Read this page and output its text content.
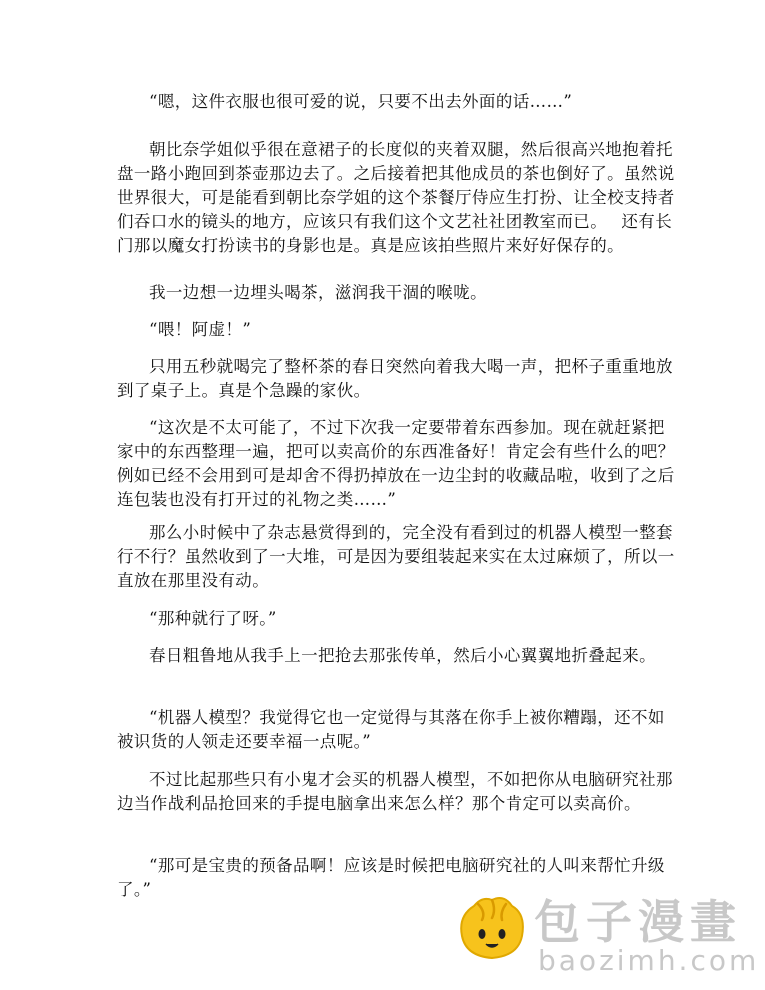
“嗯，这件衣服也很可爱的说，只要不出去外面的话……”

朝比奈学姐似乎很在意裙子的长度似的夹着双腿，然后很高兴地抱着托盘一路小跑回到茶壶那边去了。之后接着把其他成员的茶也倒好了。虽然说世界很大，可是能看到朝比奈学姐的这个茶餐厅侍应生打扮、让全校支持者们吞口水的镜头的地方，应该只有我们这个文艺社社团教室而已。　 还有长门那以魔女打扮读书的身影也是。真是应该拍些照片来好好保存的。

我一边想一边埋头喝茶，滋润我干涸的喉咙。

“喂！阿虚！”

只用五秒就喝完了整杯茶的春日突然向着我大喝一声，把杯子重重地放到了桌子上。真是个急躁的家伙。

“这次是不太可能了，不过下次我一定要带着东西参加。现在就赶紧把家中的东西整理一遍，把可以卖高价的东西准备好！肯定会有些什么的吧？例如已经不会用到可是却舍不得扔掉放在一边尘封的收藏品啦，收到了之后连包装也没有打开过的礼物之类……”

那么小时候中了杂志悬赏得到的，完全没有看到过的机器人模型一整套行不行？虽然收到了一大堆，可是因为要组装起来实在太过麻烦了，所以一直放在那里没有动。

“那种就行了呀。”

春日粗鲁地从我手上一把抢去那张传单，然后小心翼翼地折叠起来。

“机器人模型？我觉得它也一定觉得与其落在你手上被你糟蹋，还不如被识货的人领走还要幸福一点呢。”

不过比起那些只有小鬼才会买的机器人模型，不如把你从电脑研究社那边当作战利品抢回来的手提电脑拿出来怎么样？那个肯定可以卖高价。

“那可是宝贵的预备品啊！应该是时候把电脑研究社的人叫来帮忙升级了。”

包子漫畫
baozimh.com
